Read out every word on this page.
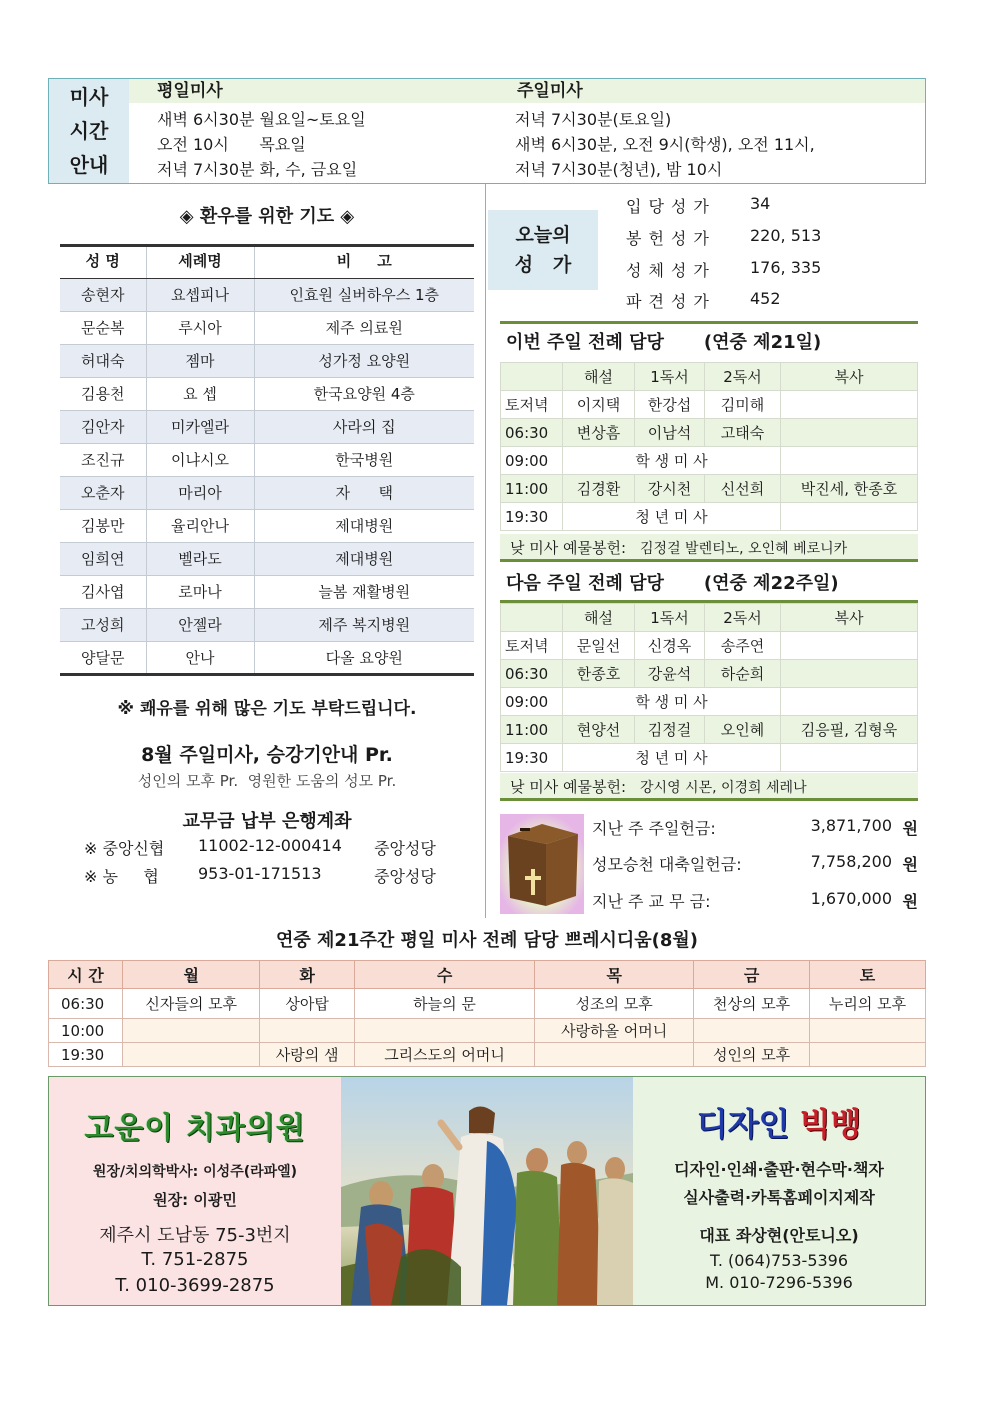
미사
시간
안내
평일미사	주일미사
새벽 6시30분 월요일~토요일
오전 10시      목요일
저녁 7시30분 화, 수, 금요일
저녁 7시30분(토요일)
새벽 6시30분, 오전 9시(학생), 오전 11시,
저녁 7시30분(청년), 밤 10시
◈ 환우를 위한 기도 ◈
성 명	세례명	비     고
송현자	요셉피나	인효원 실버하우스 1층
문순복	루시아	제주 의료원
허대숙	젬마	성가정 요양원
김용천	요 셉	한국요양원 4층
김안자	미카엘라	사라의 집
조진규	이냐시오	한국병원
오춘자	마리아	자      택
김봉만	율리안나	제대병원
임희연	벨라도	제대병원
김사엽	로마나	늘봄 재활병원
고성희	안젤라	제주 복지병원
양달문	안나	다올 요양원
※ 쾌유를 위해 많은 기도 부탁드립니다.
8월 주일미사, 승강기안내 Pr.
성인의 모후 Pr.  영원한 도움의 성모 Pr.
교무금 납부 은행계좌
※ 중앙신협	11002-12-000414	중앙성당
※ 농     협	953-01-171513	중앙성당
오늘의
성   가
입당성가	34
봉헌성가	220, 513
성체성가	176, 335
파견성가	452
이번 주일 전례 담당 (연중 제21일)
	해설	1독서	2독서	복사
토저녁	이지택	한강섭	김미해	
06:30	변상흠	이남석	고태숙	
09:00	학 생 미 사			
11:00	김경환	강시천	신선희	박진세, 한종호
19:30	청 년 미 사			
낮 미사 예물봉헌: 김정걸 발렌티노, 오인혜 베로니카
다음 주일 전례 담당 (연중 제22주일)
	해설	1독서	2독서	복사
토저녁	문일선	신경옥	송주연	
06:30	한종호	강윤석	하순희	
09:00	학 생 미 사			
11:00	현양선	김정걸	오인혜	김응필, 김형욱
19:30	청 년 미 사			
낮 미사 예물봉헌: 강시영 시몬, 이경희 세레나
지난 주 주일헌금:	3,871,700 원
성모승천 대축일헌금:	7,758,200 원
지난 주 교 무 금:	1,670,000 원
연중 제21주간 평일 미사 전례 담당 쁘레시디움(8월)
시 간	월	화	수	목	금	토
06:30	신자들의 모후	상아탑	하늘의 문	성조의 모후	천상의 모후	누리의 모후
10:00				사랑하올 어머니		
19:30		사랑의 샘	그리스도의 어머니		성인의 모후	
고운이 치과의원
원장/치의학박사: 이성주(라파엘)
원장: 이광민
제주시 도남동 75-3번지
T. 751-2875
T. 010-3699-2875
디자인 빅뱅
디자인·인쇄·출판·현수막·책자
실사출력·카톡홈페이지제작
대표 좌상현(안토니오)
T. (064)753-5396
M. 010-7296-5396
